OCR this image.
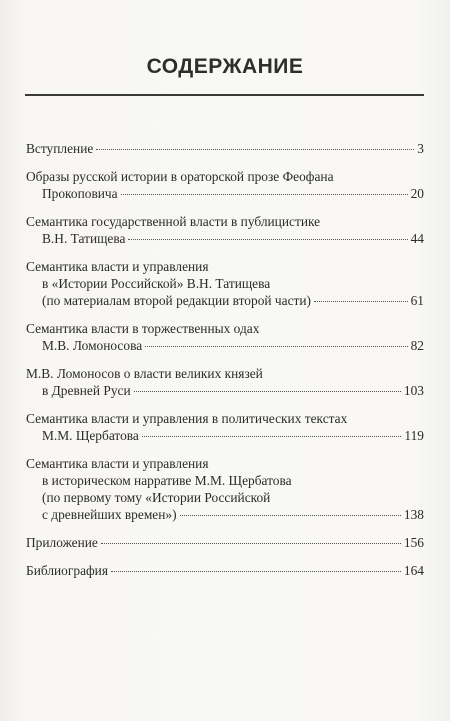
СОДЕРЖАНИЕ
Вступление	3
Образы русской истории в ораторской прозе Феофана
Прокоповича	20
Семантика государственной власти в публицистике
В.Н. Татищева	44
Семантика власти и управления
в «Истории Российской» В.Н. Татищева
(по материалам второй редакции второй части)	61
Семантика власти в торжественных одах
М.В. Ломоносова	82
М.В. Ломоносов о власти великих князей
в Древней Руси	103
Семантика власти и управления в политических текстах
М.М. Щербатова	119
Семантика власти и управления
в историческом нарративе М.М. Щербатова
(по первому тому «Истории Российской
с древнейших времен»)	138
Приложение	156
Библиография	164
